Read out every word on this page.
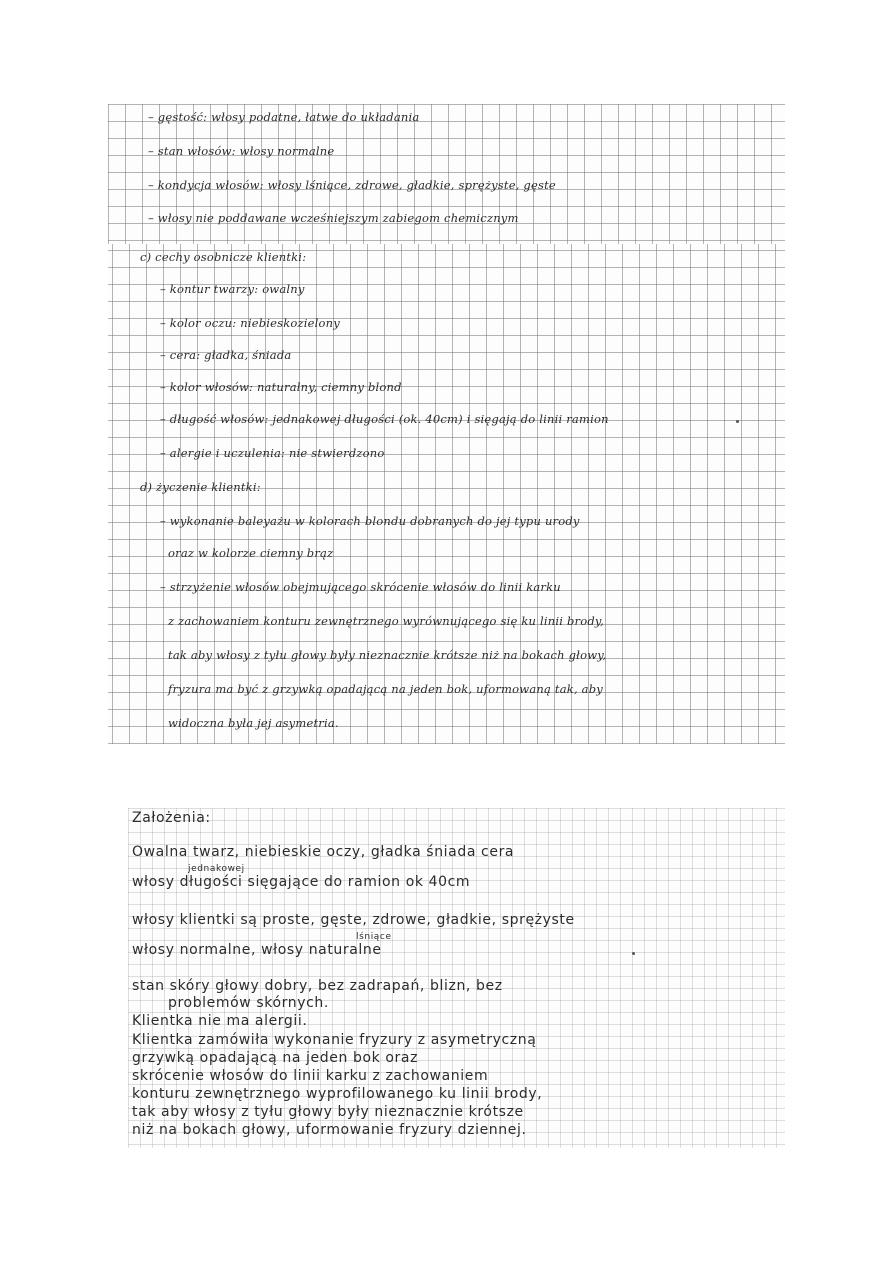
– gęstość: włosy podatne, łatwe do układania
– stan włosów: włosy normalne
– kondycja włosów: włosy lśniące, zdrowe, gładkie, sprężyste, gęste
– włosy nie poddawane wcześniejszym zabiegom chemicznym
c) cechy osobnicze klientki:
– kontur twarzy: owalny
– kolor oczu: niebieskozielony
– cera: gładka, śniada
– kolor włosów: naturalny, ciemny blond
– długość włosów: jednakowej długości (ok. 40cm) i sięgają do linii ramion
– alergie i uczulenia: nie stwierdzono
d) życzenie klientki:
– wykonanie baleyażu w kolorach blondu dobranych do jej typu urody
oraz w kolorze ciemny brąz
– strzyżenie włosów obejmującego skrócenie włosów do linii karku
z zachowaniem konturu zewnętrznego wyrównującego się ku linii brody,
tak aby włosy z tyłu głowy były nieznacznie krótsze niż na bokach głowy,
fryzura ma być z grzywką opadającą na jeden bok, uformowaną tak, aby
widoczna była jej asymetria.
Założenia:
Owalna twarz, niebieskie oczy, gładka śniada cera
jednakowej
włosy długości sięgające do ramion ok 40cm
włosy klientki są proste, gęste, zdrowe, gładkie, sprężyste
lśniące
włosy normalne, włosy naturalne
stan skóry głowy dobry, bez zadrapań, blizn, bez
problemów skórnych.
Klientka nie ma alergii.
Klientka zamówiła wykonanie fryzury z asymetryczną
grzywką opadającą na jeden bok oraz
skrócenie włosów do linii karku z zachowaniem
konturu zewnętrznego wyprofilowanego ku linii brody,
tak aby włosy z tyłu głowy były nieznacznie krótsze
niż na bokach głowy, uformowanie fryzury dziennej.
